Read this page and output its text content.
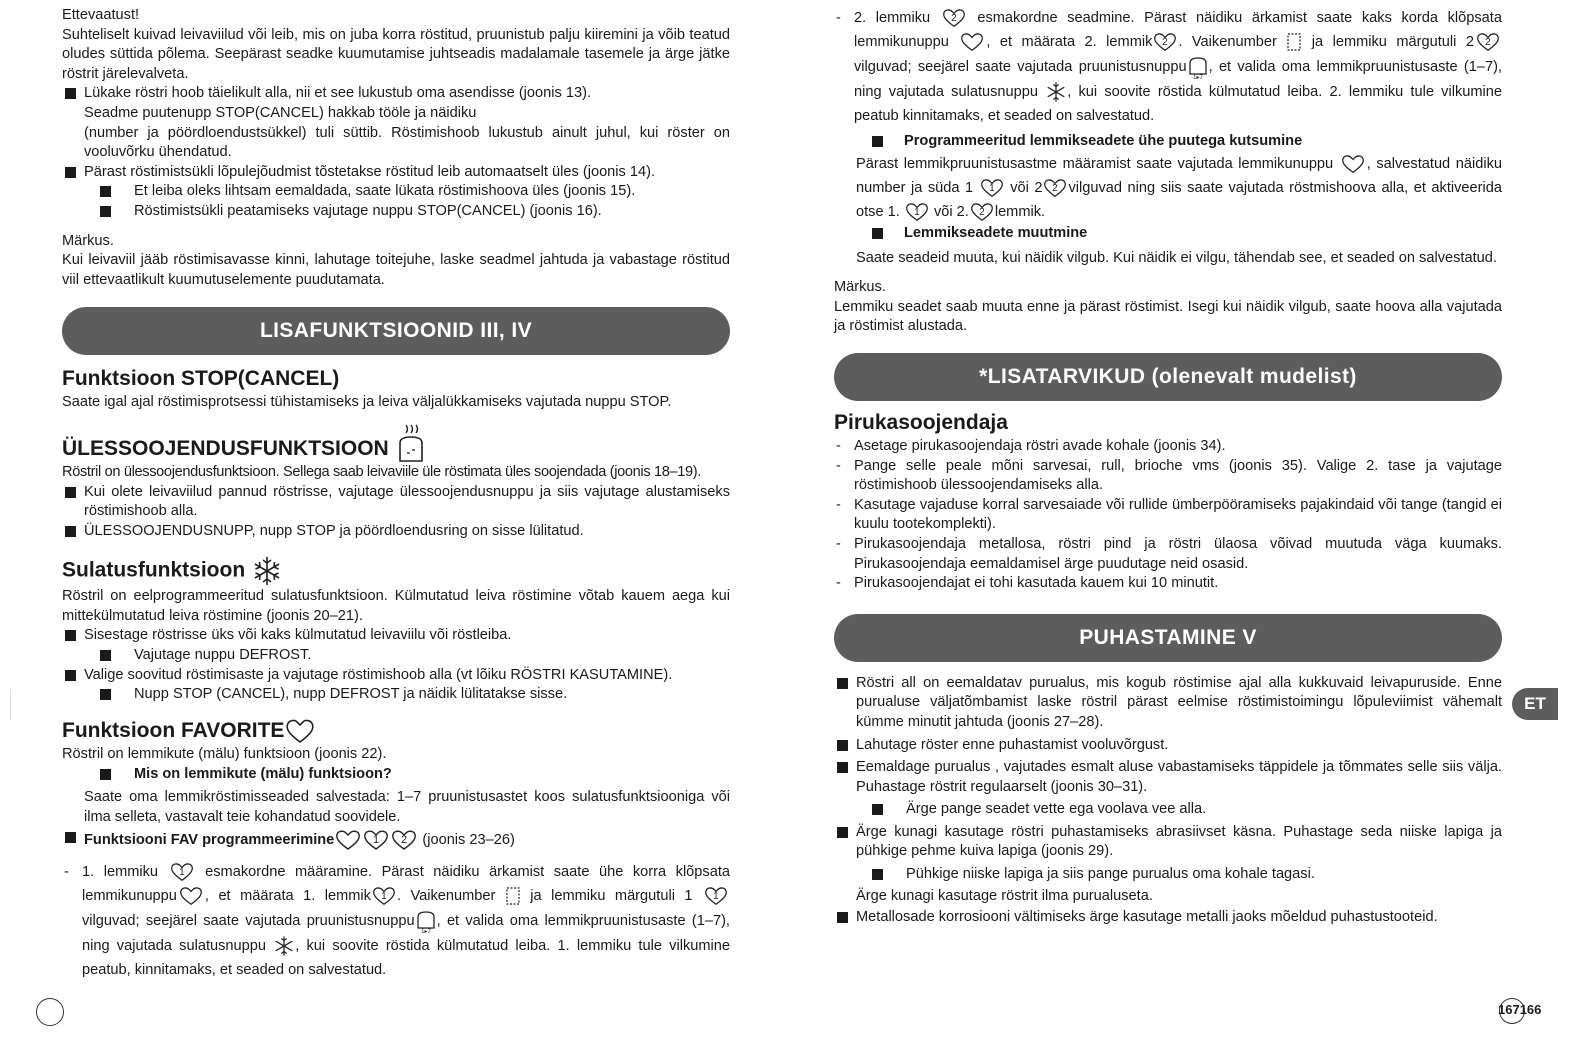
Ettevaatust!

Suhteliselt kuivad leivaviilud või leib, mis on juba korra röstitud, pruunistub palju kiiremini ja võib teatud oludes süttida põlema. Seepärast seadke kuumutamise juhtseadis madalamale tasemele ja ärge jätke röstrit järelevalveta.

Lükake röstri hoob täielikult alla, nii et see lukustub oma asendisse (joonis 13).

Seadme puutenupp STOP(CANCEL) hakkab tööle ja näidiku

(number ja pöördloendustsükkel) tuli süttib. Röstimishoob lukustub ainult juhul, kui röster on vooluvõrku ühendatud.

Pärast röstimistsükli lõpulejõudmist tõstetakse röstitud leib automaatselt üles (joonis 14).
Et leiba oleks lihtsam eemaldada, saate lükata röstimishoova üles (joonis 15).
Röstimistsükli peatamiseks vajutage nuppu STOP(CANCEL) (joonis 16).

Märkus.

Kui leivaviil jääb röstimisavasse kinni, lahutage toitejuhe, laske seadmel jahtuda ja vabastage röstitud viil ettevaatlikult kuumutuselemente puudutamata.

LISAFUNKTSIOONID III, IV
Funktsioon STOP(CANCEL)

Saate igal ajal röstimisprotsessi tühistamiseks ja leiva väljalükkamiseks vajutada nuppu STOP.

ÜLESSOOJENDUSFUNKTSIOON

Röstril on ülessoojendusfunktsioon. Sellega saab leivaviile üle röstimata üles soojendada (joonis 18–19).

Kui olete leivaviilud pannud röstrisse, vajutage ülessoojendusnuppu ja siis vajutage alustamiseks röstimishoob alla.
ÜLESSOOJENDUSNUPP, nupp STOP ja pöördloendusring on sisse lülitatud.
Sulatusfunktsioon

Röstril on eelprogrammeeritud sulatusfunktsioon. Külmutatud leiva röstimine võtab kauem aega kui mittekülmutatud leiva röstimine (joonis 20–21).

Sisestage röstrisse üks või kaks külmutatud leivaviilu või röstleiba.
Vajutage nuppu DEFROST.
Valige soovitud röstimisaste ja vajutage röstimishoob alla (vt lõiku RÖSTRI KASUTAMINE).
Nupp STOP (CANCEL), nupp DEFROST ja näidik lülitatakse sisse.
Funktsioon FAVORITE

Röstril on lemmikute (mälu) funktsioon (joonis 22).

Mis on lemmikute (mälu) funktsioon?

Saate oma lemmikröstimisseaded salvestada: 1–7 pruunistusastet koos sulatusfunktsiooniga või ilma selleta, vastavalt teie kohandatud soovidele.

Funktsiooni FAV programmeerimine	1 2 (joonis 23–26)
- 1. lemmiku 1 esmakordne määramine. Pärast näidiku ärkamist saate ühe korra klõpsata lemmikunuppu , et määrata 1. lemmik 1 . Vaikenumber ja lemmiku märgutuli 1 1
vilguvad; seejärel saate vajutada pruunistusnuppu
1▸7
, et valida oma lemmikpruunistusaste (1–7), ning vajutada sulatusnuppu , kui soovite röstida külmutatud leiba. 1. lemmiku tule vilkumine peatub, kinnitamaks, et seaded on salvestatud.
- 2. lemmiku 2 esmakordne seadmine. Pärast näidiku ärkamist saate kaks korda klõpsata lemmikunuppu	, et määrata 2. lemmik 2 . Vaikenumber ja lemmiku märgutuli 2 2
vilguvad; seejärel saate vajutada pruunistusnuppu
1▸7
, et valida oma lemmikpruunistusaste (1–7), ning vajutada sulatusnuppu , kui soovite röstida külmutatud leiba. 2. lemmiku tule vilkumine peatub kinnitamaks, et seaded on salvestatud.
Programmeeritud lemmikseadete ühe puutega kutsumine
Pärast lemmikpruunistusastme määramist saate vajutada lemmikunuppu , salvestatud näidiku number ja süda 1 1 või 2 2 vilguvad ning siis saate vajutada röstmishoova alla, et aktiveerida otse 1. 1 või 2. 2 lemmik.
Lemmikseadete muutmine

Saate seadeid muuta, kui näidik vilgub. Kui näidik ei vilgu, tähendab see, et seaded on salvestatud.

Märkus.

Lemmiku seadet saab muuta enne ja pärast röstimist. Isegi kui näidik vilgub, saate hoova alla vajutada ja röstimist alustada.

*LISATARVIKUD (olenevalt mudelist)
Pirukasoojendaja
- Asetage pirukasoojendaja röstri avade kohale (joonis 34).
- Pange selle peale mõni sarvesai, rull, brioche vms (joonis 35). Valige 2. tase ja vajutage röstimishoob ülessoojendamiseks alla.
- Kasutage vajaduse korral sarvesaiade või rullide ümberpööramiseks pajakindaid või tange (tangid ei kuulu tootekomplekti).
- Pirukasoojendaja metallosa, röstri pind ja röstri ülaosa võivad muutuda väga kuumaks. Pirukasoojendaja eemaldamisel ärge puudutage neid osasid.
- Pirukasoojendajat ei tohi kasutada kauem kui 10 minutit.
PUHASTAMINE V
Röstri all on eemaldatav purualus, mis kogub röstimise ajal alla kukkuvaid leivapuruside. Enne purualuse väljatõmbamist laske röstril pärast eelmise röstimistoimingu lõpuleviimist vähemalt kümme minutit jahtuda (joonis 27–28).
Lahutage röster enne puhastamist vooluvõrgust.
Eemaldage purualus , vajutades esmalt aluse vabastamiseks täppidele ja tõmmates selle siis välja. Puhastage röstrit regulaarselt (joonis 30–31).
Ärge pange seadet vette ega voolava vee alla.
Ärge kunagi kasutage röstri puhastamiseks abrasiivset käsna. Puhastage seda niiske lapiga ja pühkige pehme kuiva lapiga (joonis 29).
Pühkige niiske lapiga ja siis pange purualus oma kohale tagasi.
Ärge kunagi kasutage röstrit ilma purualuseta.
Metallosade korrosiooni vältimiseks ärge kasutage metalli jaoks mõeldud puhastustooteid.
ET
167166
